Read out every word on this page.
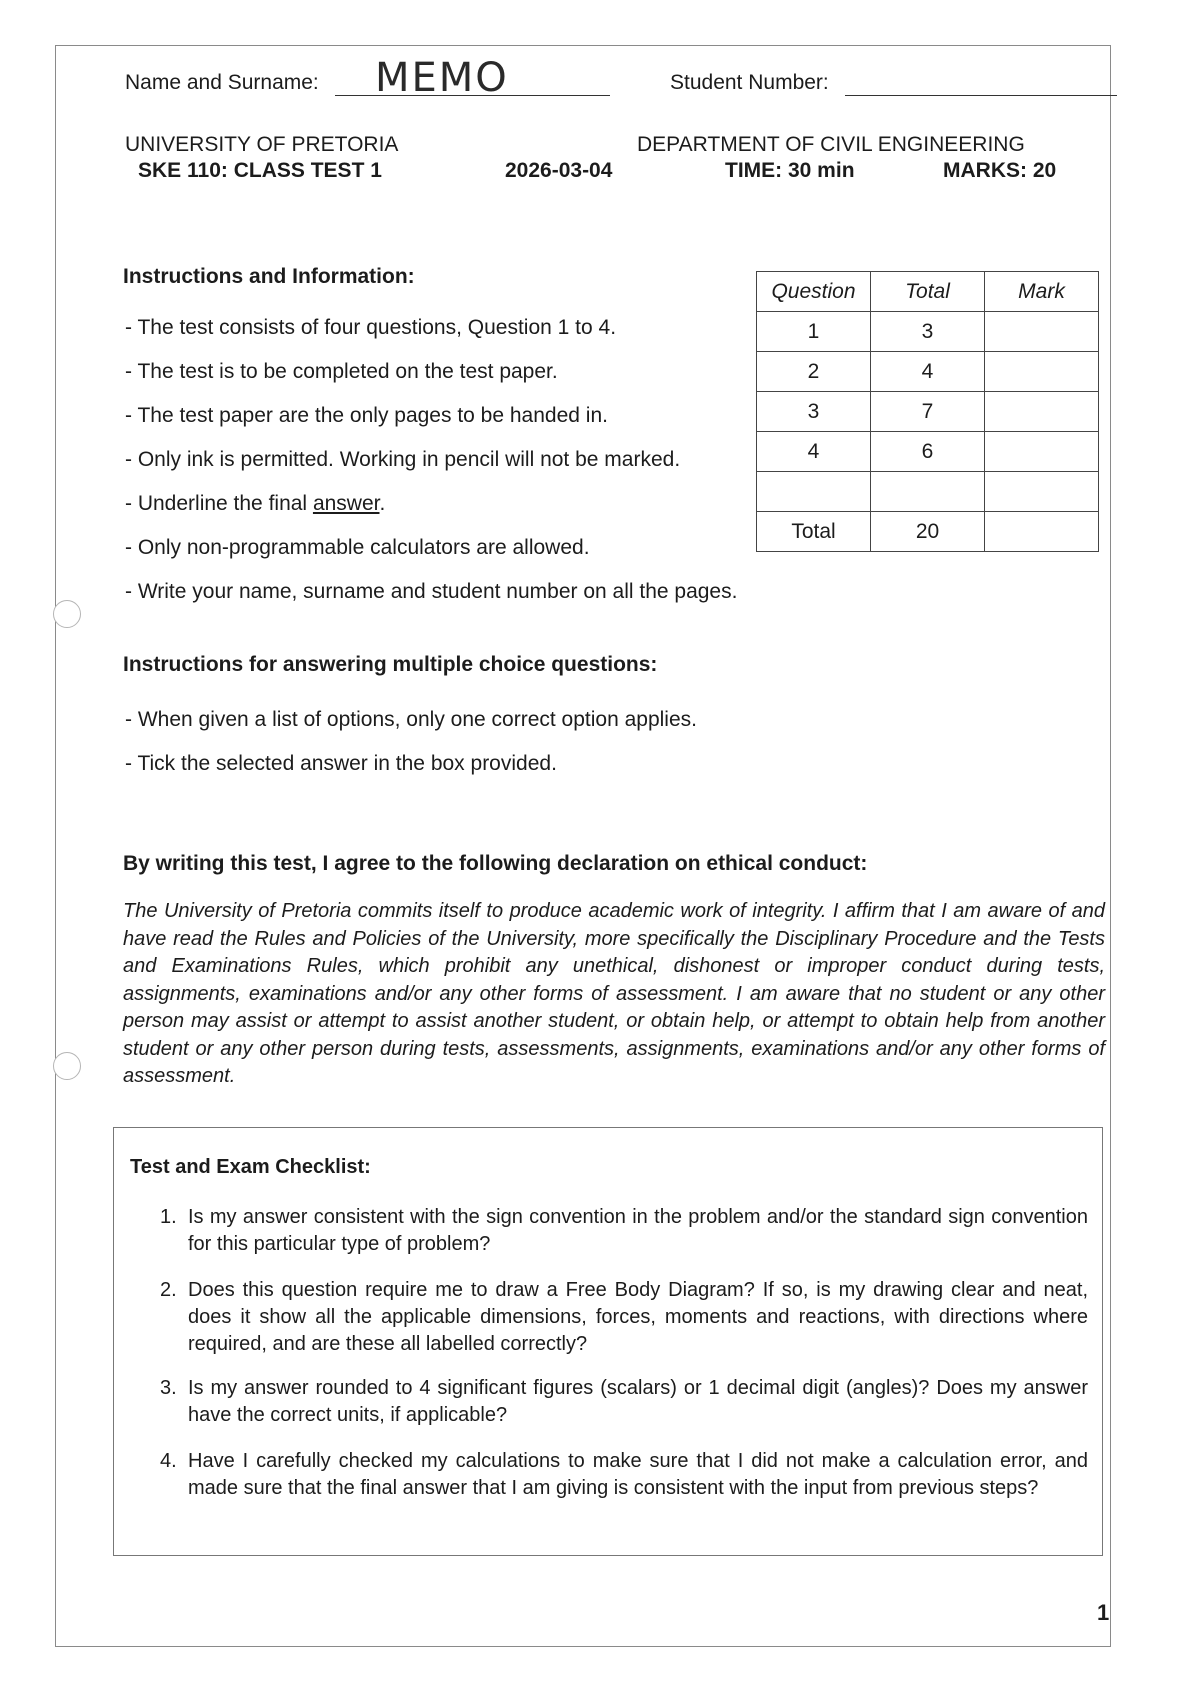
Name and Surname: MEMO	Student Number:
UNIVERSITY OF PRETORIA	DEPARTMENT OF CIVIL ENGINEERING
SKE 110: CLASS TEST 1	2026-03-04	TIME: 30 min	MARKS: 20
Instructions and Information:
- The test consists of four questions, Question 1 to 4.
- The test is to be completed on the test paper.
- The test paper are the only pages to be handed in.
- Only ink is permitted. Working in pencil will not be marked.
- Underline the final answer.
- Only non-programmable calculators are allowed.
- Write your name, surname and student number on all the pages.
Question	Total	Mark
1	3	
2	4	
3	7	
4	6	

Total	20	
Instructions for answering multiple choice questions:
- When given a list of options, only one correct option applies.
- Tick the selected answer in the box provided.
By writing this test, I agree to the following declaration on ethical conduct:
The University of Pretoria commits itself to produce academic work of integrity. I affirm that I am aware of and have read the Rules and Policies of the University, more specifically the Disciplinary Procedure and the Tests and Examinations Rules, which prohibit any unethical, dishonest or improper conduct during tests, assignments, examinations and/or any other forms of assessment. I am aware that no student or any other person may assist or attempt to assist another student, or obtain help, or attempt to obtain help from another student or any other person during tests, assessments, assignments, examinations and/or any other forms of assessment.
Test and Exam Checklist:
1. Is my answer consistent with the sign convention in the problem and/or the standard sign convention for this particular type of problem?
2. Does this question require me to draw a Free Body Diagram? If so, is my drawing clear and neat, does it show all the applicable dimensions, forces, moments and reactions, with directions where required, and are these all labelled correctly?
3. Is my answer rounded to 4 significant figures (scalars) or 1 decimal digit (angles)? Does my answer have the correct units, if applicable?
4. Have I carefully checked my calculations to make sure that I did not make a calculation error, and made sure that the final answer that I am giving is consistent with the input from previous steps?
1
